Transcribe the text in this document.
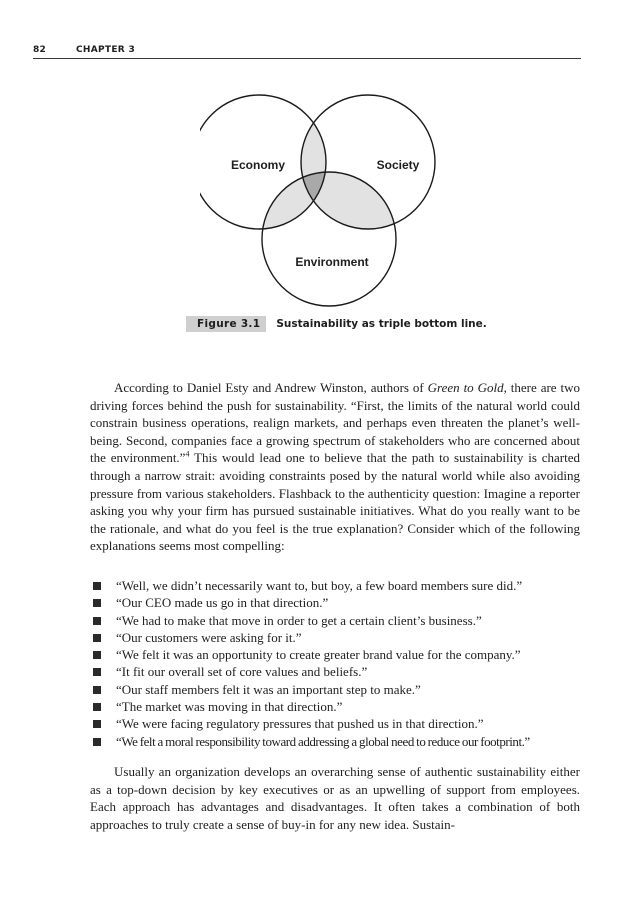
82	CHAPTER 3
Economy	Society
Environment
Figure 3.1 Sustainability as triple bottom line.
According to Daniel Esty and Andrew Winston, authors of Green to Gold, there are two driving forces behind the push for sustainability. “First, the limits of the natural world could constrain business operations, realign markets, and perhaps even threaten the planet’s well-being. Second, companies face a growing spectrum of stakeholders who are concerned about the environment.”$^4$ This would lead one to believe that the path to sustainability is charted through a narrow strait: avoiding constraints posed by the natural world while also avoiding pressure from various stakeholders. Flashback to the authenticity question: Imagine a reporter asking you why your firm has pursued sustainable initiatives. What do you really want to be the rationale, and what do you feel is the true explanation? Consider which of the following explanations seems most compelling:
“Well, we didn’t necessarily want to, but boy, a few board members sure did.”
“Our CEO made us go in that direction.”
“We had to make that move in order to get a certain client’s business.”
“Our customers were asking for it.”
“We felt it was an opportunity to create greater brand value for the company.”
“It fit our overall set of core values and beliefs.”
“Our staff members felt it was an important step to make.”
“The market was moving in that direction.”
“We were facing regulatory pressures that pushed us in that direction.”
“We felt a moral responsibility toward addressing a global need to reduce our footprint.”
Usually an organization develops an overarching sense of authentic sustainability either as a top-down decision by key executives or as an upwelling of support from employees. Each approach has advantages and disadvantages. It often takes a combination of both approaches to truly create a sense of buy-in for any new idea. Sustain-
